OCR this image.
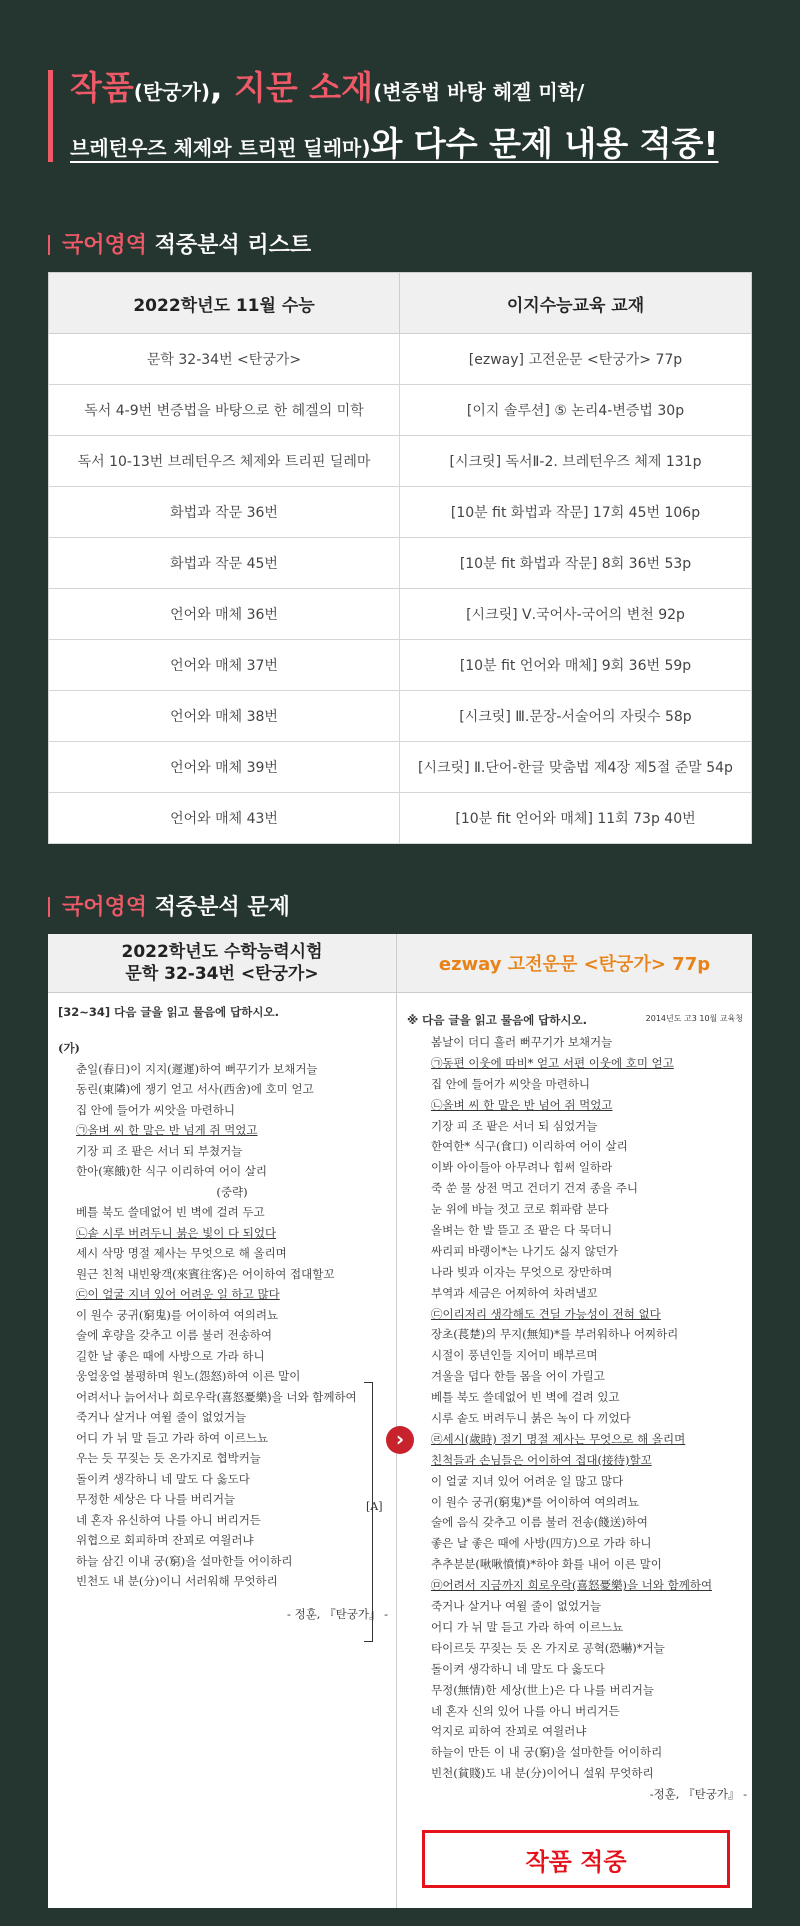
작품(탄궁가), 지문 소재(변증법 바탕 헤겔 미학/
브레턴우즈 체제와 트리핀 딜레마)와 다수 문제 내용 적중!
국어영역 적중분석 리스트
2022학년도 11월 수능	이지수능교육 교재
문학 32-34번 <탄궁가>	[ezway] 고전운문 <탄궁가> 77p
독서 4-9번 변증법을 바탕으로 한 헤겔의 미학	[이지 솔루션] ⑤ 논리4-변증법 30p
독서 10-13번 브레턴우즈 체제와 트리핀 딜레마	[시크릿] 독서Ⅱ-2. 브레턴우즈 체제 131p
화법과 작문 36번	[10분 fit 화법과 작문] 17회 45번 106p
화법과 작문 45번	[10분 fit 화법과 작문] 8회 36번 53p
언어와 매체 36번	[시크릿] Ⅴ.국어사-국어의 변천 92p
언어와 매체 37번	[10분 fit 언어와 매체] 9회 36번 59p
언어와 매체 38번	[시크릿] Ⅲ.문장-서술어의 자릿수 58p
언어와 매체 39번	[시크릿] Ⅱ.단어-한글 맞춤법 제4장 제5절 준말 54p
언어와 매체 43번	[10분 fit 언어와 매체] 11회 73p 40번
국어영역 적중분석 문제
2022학년도 수학능력시험
문학 32-34번 <탄궁가>	ezway 고전운문 <탄궁가> 77p
[32~34] 다음 글을 읽고 물음에 답하시오.
(가)
춘일(春日)이 지지(遲遲)하여 뻐꾸기가 보채거늘
동린(東隣)에 쟁기 얻고 서사(西舍)에 호미 얻고
집 안에 들어가 씨앗을 마련하니
㉠올벼 씨 한 말은 반 넘게 쥐 먹었고
기장 피 조 팥은 서너 되 부쳤거늘
한아(寒餓)한 식구 이리하여 어이 살리
(중략)
베틀 북도 쓸데없어 빈 벽에 걸려 두고
㉡솥 시루 버려두니 붉은 빛이 다 되었다
세시 삭망 명절 제사는 무엇으로 해 올리며
원근 친척 내빈왕객(來賓往客)은 어이하여 접대할꼬
㉢이 얼굴 지녀 있어 어려운 일 하고 많다
이 원수 궁귀(窮鬼)를 어이하여 여의려뇨
술에 후량을 갖추고 이름 불러 전송하여
길한 날 좋은 때에 사방으로 가라 하니
웅얼웅얼 불평하며 원노(怨怒)하여 이른 말이
어려서나 늙어서나 희로우락(喜怒憂樂)을 너와 함께하여
죽거나 살거나 여윌 줄이 없었거늘
어디 가 뉘 말 듣고 가라 하여 이르느뇨
우는 듯 꾸짖는 듯 온가지로 협박커늘
돌이켜 생각하니 네 말도 다 옳도다
무정한 세상은 다 나를 버리거늘
네 혼자 유신하여 나를 아니 버리거든
위협으로 회피하며 잔꾀로 여읠러냐
하늘 삼긴 이내 궁(窮)을 설마한들 어이하리
빈천도 내 분(分)이니 서러워해 무엇하리
- 정훈, 『탄궁가』 -
[A]
※ 다음 글을 읽고 물음에 답하시오.	2014년도 고3 10월 교육청
봄날이 더디 흘러 뻐꾸기가 보채거늘
㉠동편 이웃에 따비* 얻고 서편 이웃에 호미 얻고
집 안에 들어가 씨앗을 마련하니
㉡올벼 씨 한 말은 반 넘어 쥐 먹었고
기장 피 조 팥은 서너 되 심었거늘
한여한* 식구(食口) 이리하여 어이 살리
이봐 아이들아 아무려나 힘써 일하라
죽 쑨 물 상전 먹고 건더기 건져 종을 주니
눈 위에 바늘 젓고 코로 휘파람 분다
올벼는 한 발 뜯고 조 팥은 다 묵더니
싸리피 바랭이*는 나기도 싫지 않던가
나라 빚과 이자는 무엇으로 장만하며
부역과 세금은 어찌하여 차려낼꼬
㉢이리저리 생각해도 견딜 가능성이 전혀 없다
장초(萇楚)의 무지(無知)*를 부러워하나 어찌하리
시절이 풍년인들 지어미 배부르며
겨울을 덥다 한들 몸을 어이 가릴고
베틀 북도 쓸데없어 빈 벽에 걸려 있고
시루 솥도 버려두니 붉은 녹이 다 끼었다
㉣세시(歲時) 절기 명절 제사는 무엇으로 해 올리며
친척들과 손님들은 어이하여 접대(接待)할꼬
이 얼굴 지녀 있어 어려운 일 많고 많다
이 원수 궁귀(窮鬼)*를 어이하여 여의려뇨
술에 음식 갖추고 이름 불러 전송(餞送)하여
좋은 날 좋은 때에 사방(四方)으로 가라 하니
추추분분(啾啾憤憤)*하야 화를 내어 이른 말이
㉤어려서 지금까지 희로우락(喜怒憂樂)을 너와 함께하여
죽거나 살거나 여윌 줄이 없었거늘
어디 가 뉘 말 듣고 가라 하여 이르느뇨
타이르듯 꾸짖는 듯 온 가지로 공혁(恐嚇)*거늘
돌이켜 생각하니 네 말도 다 옳도다
무정(無情)한 세상(世上)은 다 나를 버리거늘
네 혼자 신의 있어 나를 아니 버리거든
억지로 피하여 잔꾀로 여읠러냐
하늘이 만든 이 내 궁(窮)을 설마한들 어이하리
빈천(貧賤)도 내 분(分)이어니 설워 무엇하리
-정훈, 『탄궁가』 -
›
작품 적중
